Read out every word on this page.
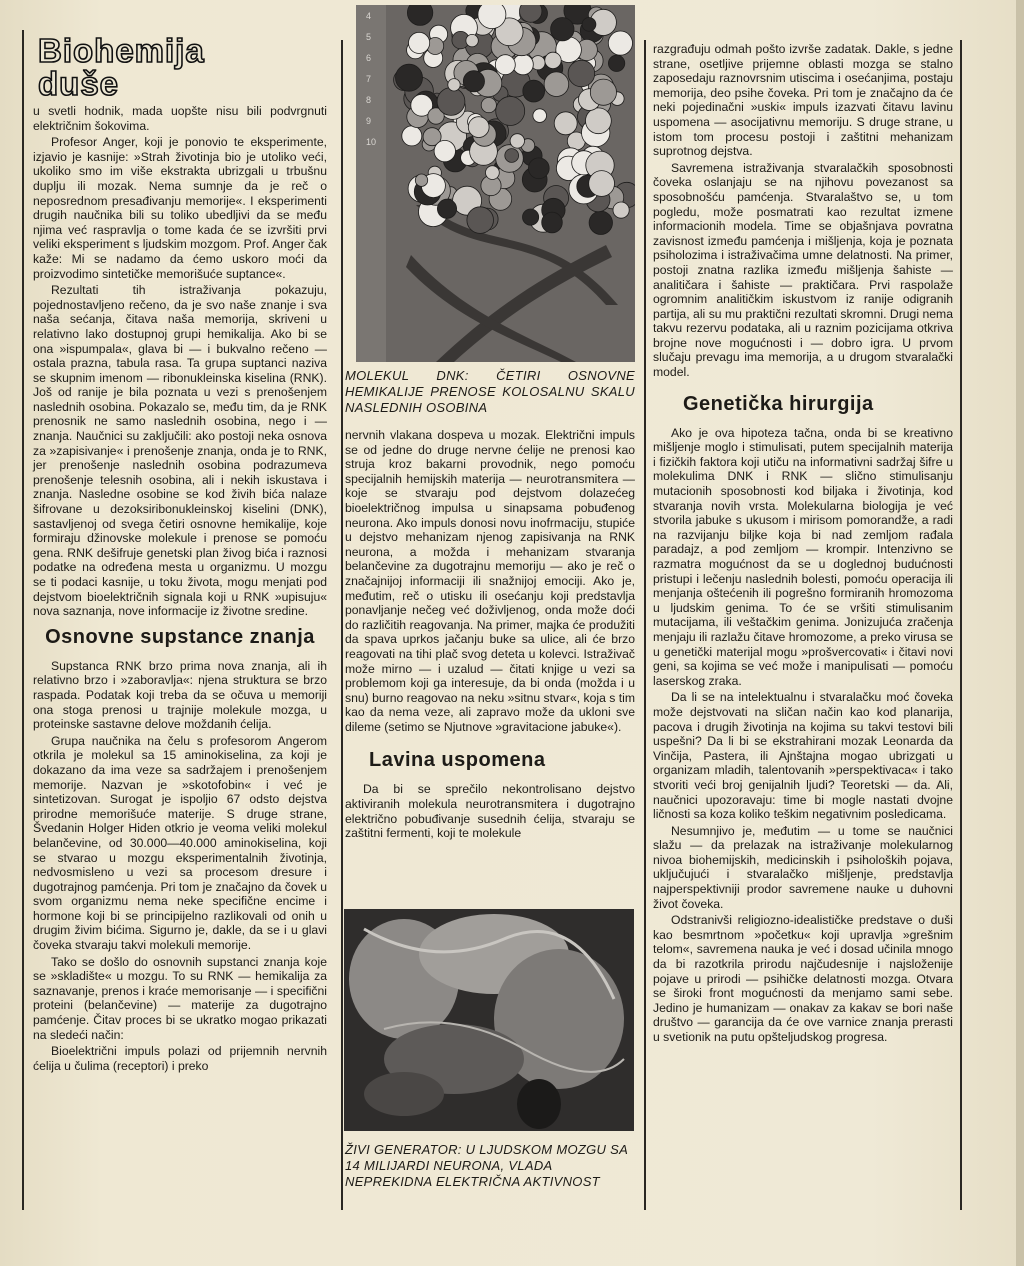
Biohemija
duše

u svetli hodnik, mada uopšte nisu bili podvrgnuti električnim šokovima.

Profesor Anger, koji je ponovio te eksperimente, izjavio je kasnije: »Strah životinja bio je utoliko veći, ukoliko smo im više ekstrakta ubrizgali u trbušnu duplju ili mozak. Nema sumnje da je reč o neposrednom presađivanju memorije«. I eksperimenti drugih naučnika bili su toliko ubedljivi da se među njima već raspravlja o tome kada će se izvršiti prvi veliki eksperiment s ljudskim mozgom. Prof. Anger čak kaže: Mi se nadamo da ćemo uskoro moći da proizvodimo sintetičke memorišuće suptance«.

Rezultati tih istraživanja pokazuju, pojednostavljeno rečeno, da je svo naše znanje i sva naša sećanja, čitava naša memorija, skriveni u relativno lako dostupnoj grupi hemikalija. Ako bi se ona »ispumpala«, glava bi — i bukvalno rečeno — ostala prazna, tabula rasa. Ta grupa suptanci naziva se skupnim imenom — ribonukleinska kiselina (RNK). Još od ranije je bila poznata u vezi s prenošenjem naslednih osobina. Pokazalo se, među tim, da je RNK prenosnik ne samo naslednih osobina, nego i — znanja. Naučnici su zaključili: ako postoji neka osnova za »zapisivanje« i prenošenje znanja, onda je to RNK, jer prenošenje naslednih osobina podrazumeva prenošenje telesnih osobina, ali i nekih iskustava i znanja. Nasledne osobine se kod živih bića nalaze šifrovane u dezoksiribonukleinskoj kiselini (DNK), sastavljenoj od svega četiri osnovne hemikalije, koje formiraju džinovske molekule i prenose se pomoću gena. RNK dešifruje genetski plan živog bića i raznosi podatke na određena mesta u organizmu. U mozgu se ti podaci kasnije, u toku života, mogu menjati pod dejstvom bioelektričnih signala koji u RNK »upisuju« nova saznanja, nove informacije iz životne sredine.

Osnovne supstance znanja

Supstanca RNK brzo prima nova znanja, ali ih relativno brzo i »zaboravlja«: njena struktura se brzo raspada. Podatak koji treba da se očuva u memoriji ona stoga prenosi u trajnije molekule mozga, u proteinske sastavne delove moždanih ćelija.

Grupa naučnika na čelu s profesorom Angerom otkrila je molekul sa 15 aminokiselina, za koji je dokazano da ima veze sa sadržajem i prenošenjem memorije. Nazvan je »skotofobin« i već je sintetizovan. Surogat je ispoljio 67 odsto dejstva prirodne memorišuće materije. S druge strane, Švedanin Holger Hiden otkrio je veoma veliki molekul belančevine, od 30.000—40.000 aminokiselina, koji se stvarao u mozgu eksperimentalnih životinja, nedvosmisleno u vezi sa procesom dresure i dugotrajnog pamćenja. Pri tom je značajno da čovek u svom organizmu nema neke specifične encime i hormone koji bi se principijelno razlikovali od onih u drugim živim bićima. Sigurno je, dakle, da se i u glavi čoveka stvaraju takvi molekuli memorije.

Tako se došlo do osnovnih supstanci znanja koje se »skladište« u mozgu. To su RNK — hemikalija za saznavanje, prenos i kraće memorisanje — i specifični proteini (belančevine) — materije za dugotrajno pamćenje. Čitav proces bi se ukratko mogao prikazati na sledeći način:

Bioelektrični impuls polazi od prijemnih nervnih ćelija u čulima (receptori) i preko

4
5
6
7
8
9
10
MOLEKUL DNK: ČETIRI OSNOVNE HEMIKALIJE PRENOSE KOLOSALNU SKALU NASLEDNIH OSOBINA

nervnih vlakana dospeva u mozak. Električni impuls se od jedne do druge nervne ćelije ne prenosi kao struja kroz bakarni provodnik, nego pomoću specijalnih hemijskih materija — neurotransmitera — koje se stvaraju pod dejstvom dolazećeg bioelektričnog impulsa u sinapsama pobuđenog neurona. Ako impuls donosi novu inofrmaciju, stupiće u dejstvo mehanizam njenog zapisivanja na RNK neurona, a možda i mehanizam stvaranja belančevine za dugotrajnu memoriju — ako je reč o značajnijoj informaciji ili snažnijoj emociji. Ako je, međutim, reč o utisku ili osećanju koji predstavlja ponavljanje nečeg već doživljenog, onda može doći do različitih reagovanja. Na primer, majka će produžiti da spava uprkos jačanju buke sa ulice, ali će brzo reagovati na tihi plač svog deteta u kolevci. Istraživač može mirno — i uzalud — čitati knjige u vezi sa problemom koji ga interesuje, da bi onda (možda i u snu) burno reagovao na neku »sitnu stvar«, koja s tim kao da nema veze, ali zapravo može da ukloni sve dileme (setimo se Njutnove »gravitacione jabuke«).

Lavina uspomena

Da bi se sprečilo nekontrolisano dejstvo aktiviranih molekula neurotransmitera i dugotrajno električno pobuđivanje susednih ćelija, stvaraju se zaštitni fermenti, koji te molekule

ŽIVI GENERATOR: U LJUDSKOM MOZGU SA 14 MILIJARDI NEURONA, VLADA NEPREKIDNA ELEKTRIČNA AKTIVNOST

razgrađuju odmah pošto izvrše zadatak. Dakle, s jedne strane, osetljive prijemne oblasti mozga se stalno zaposedaju raznovrsnim utiscima i osećanjima, postaju memorija, deo psihe čoveka. Pri tom je značajno da će neki pojedinačni »uski« impuls izazvati čitavu lavinu uspomena — asocijativnu memoriju. S druge strane, u istom tom procesu postoji i zaštitni mehanizam suprotnog dejstva.

Savremena istraživanja stvaralačkih sposobnosti čoveka oslanjaju se na njihovu povezanost sa sposobnošću pamćenja. Stvaralaštvo se, u tom pogledu, može posmatrati kao rezultat izmene informacionih modela. Time se objašnjava povratna zavisnost između pamćenja i mišljenja, koja je poznata psiholozima i istraživačima umne delatnosti. Na primer, postoji znatna razlika između mišljenja šahiste — analitičara i šahiste — praktičara. Prvi raspolaže ogromnim analitičkim iskustvom iz ranije odigranih partija, ali su mu praktični rezultati skromni. Drugi nema takvu rezervu podataka, ali u raznim pozicijama otkriva brojne nove mogućnosti i — dobro igra. U prvom slučaju prevagu ima memorija, a u drugom stvaralački model.

Genetička hirurgija

Ako je ova hipoteza tačna, onda bi se kreativno mišljenje moglo i stimulisati, putem specijalnih materija i fizičkih faktora koji utiču na informativni sadržaj šifre u molekulima DNK i RNK — slično stimulisanju mutacionih sposobnosti kod biljaka i životinja, kod stvaranja novih vrsta. Molekularna biologija je već stvorila jabuke s ukusom i mirisom pomorandže, a radi na razvijanju biljke koja bi nad zemljom rađala paradajz, a pod zemljom — krompir. Intenzivno se razmatra mogućnost da se u doglednoj budućnosti pristupi i lečenju naslednih bolesti, pomoću operacija ili menjanja oštećenih ili pogrešno formiranih hromozoma u ljudskim genima. To će se vršiti stimulisanim mutacijama, ili veštačkim genima. Jonizujuća zračenja menjaju ili razlažu čitave hromozome, a preko virusa se u genetički materijal mogu »prošvercovati« i čitavi novi geni, sa kojima se već može i manipulisati — pomoću laserskog zraka.

Da li se na intelektualnu i stvaralačku moć čoveka može dejstvovati na sličan način kao kod planarija, pacova i drugih životinja na kojima su takvi testovi bili uspešni? Da li bi se ekstrahirani mozak Leonarda da Vinčija, Pastera, ili Ajnštajna mogao ubrizgati u organizam mladih, talentovanih »perspektivaca« i tako stvoriti veći broj genijalnih ljudi? Teoretski — da. Ali, naučnici upozoravaju: time bi mogle nastati dvojne ličnosti sa koza koliko teškim negativnim posledicama.

Nesumnjivo je, međutim — u tome se naučnici slažu — da prelazak na istraživanje molekularnog nivoa biohemijskih, medicinskih i psiholoških pojava, uključujući i stvaralačko mišljenje, predstavlja najperspektivniji prodor savremene nauke u duhovni život čoveka.

Odstranivši religiozno-idealističke predstave o duši kao besmrtnom »početku« koji upravlja »grešnim telom«, savremena nauka je već i dosad učinila mnogo da bi razotkrila prirodu najčudesnije i najsloženije pojave u prirodi — psihičke delatnosti mozga. Otvara se široki front mogućnosti da menjamo sami sebe. Jedino je humanizam — onakav za kakav se bori naše društvo — garancija da će ove varnice znanja prerasti u svetionik na putu opšteljudskog progresa.
